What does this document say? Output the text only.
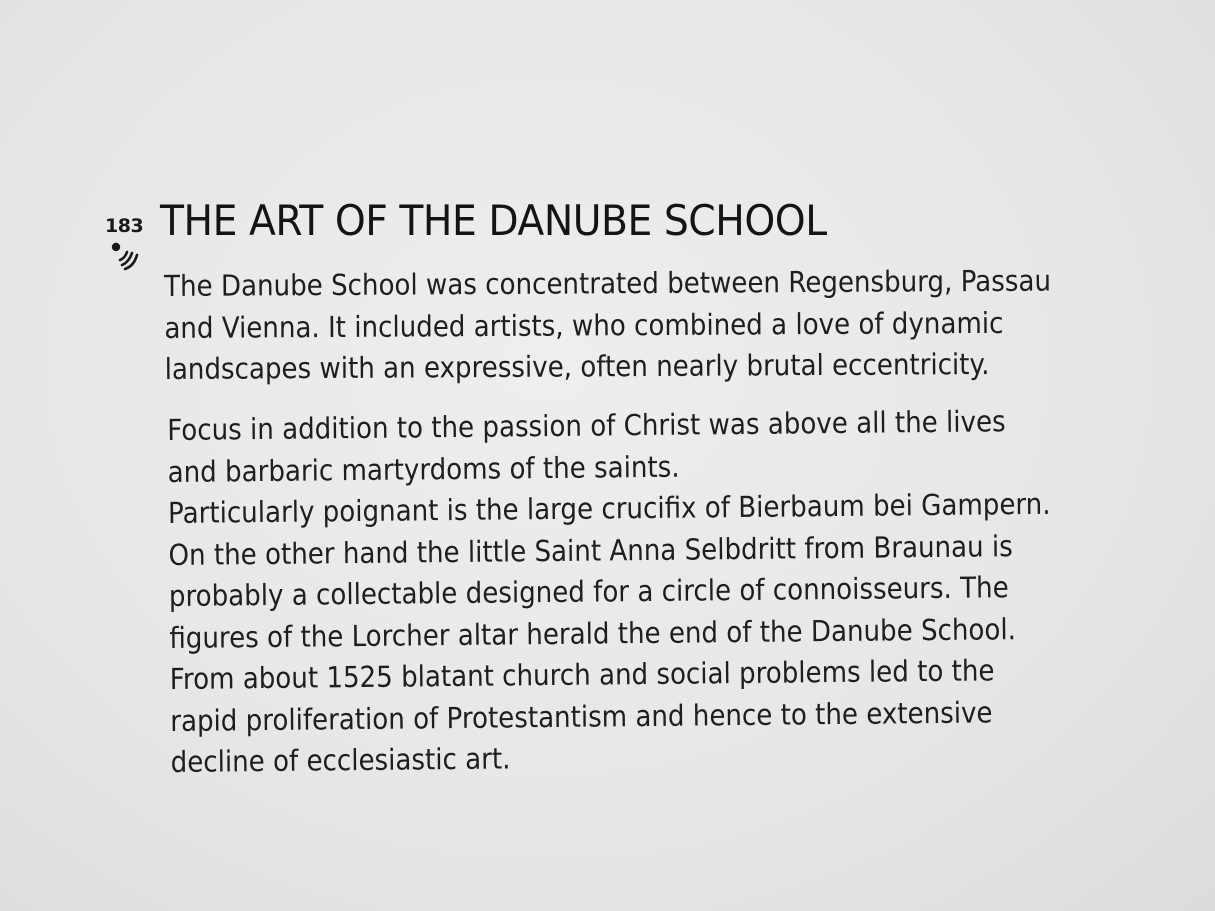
183 THE ART OF THE DANUBE SCHOOL

The Danube School was concentrated between Regensburg, Passau
and Vienna. It included artists, who combined a love of dynamic
landscapes with an expressive, often nearly brutal eccentricity.

Focus in addition to the passion of Christ was above all the lives
and barbaric martyrdoms of the saints.
Particularly poignant is the large crucifix of Bierbaum bei Gampern.
On the other hand the little Saint Anna Selbdritt from Braunau is
probably a collectable designed for a circle of connoisseurs. The
figures of the Lorcher altar herald the end of the Danube School.
From about 1525 blatant church and social problems led to the
rapid proliferation of Protestantism and hence to the extensive
decline of ecclesiastic art.
